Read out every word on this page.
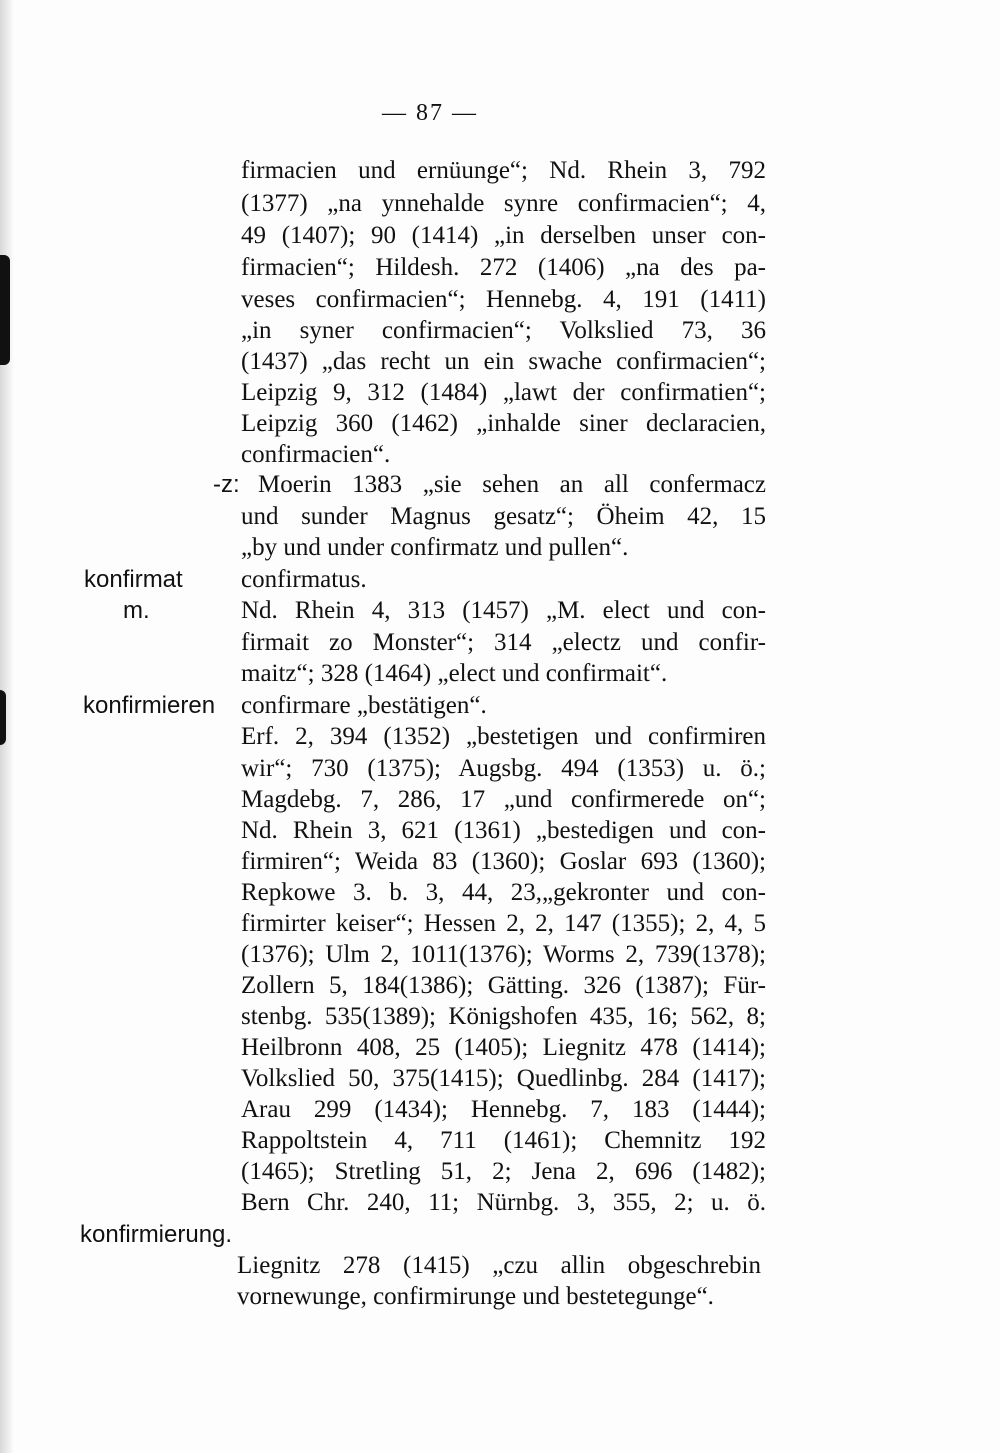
— 87 —
firmacien und ernüunge“; Nd. Rhein 3, 792
(1377) „na ynnehalde synre confirmacien“; 4,
49 (1407); 90 (1414) „in derselben unser con-
firmacien“; Hildesh. 272 (1406) „na des pa-
veses confirmacien“; Hennebg. 4, 191 (1411)
„in syner confirmacien“; Volkslied 73, 36
(1437) „das recht un ein swache confirmacien“;
Leipzig 9, 312 (1484) „lawt der confirmatien“;
Leipzig 360 (1462) „inhalde siner declaracien,
confirmacien“.
-z: Moerin 1383 „sie sehen an all confermacz
und sunder Magnus gesatz“; Öheim 42, 15
„by und under confirmatz und pullen“.
konfirmat confirmatus.
m.	Nd. Rhein 4, 313 (1457) „M. elect und con-
firmait zo Monster“; 314 „electz und confir-
maitz“; 328 (1464) „elect und confirmait“.
konfirmieren confirmare „bestätigen“.
Erf. 2, 394 (1352) „bestetigen und confirmiren
wir“; 730 (1375); Augsbg. 494 (1353) u. ö.;
Magdebg. 7, 286, 17 „und confirmerede on“;
Nd. Rhein 3, 621 (1361) „bestedigen und con-
firmiren“; Weida 83 (1360); Goslar 693 (1360);
Repkowe 3. b. 3, 44, 23,„gekronter und con-
firmirter keiser“; Hessen 2, 2, 147 (1355); 2, 4, 5
(1376); Ulm 2, 1011(1376); Worms 2, 739(1378);
Zollern 5, 184(1386); Gätting. 326 (1387); Für-
stenbg. 535(1389); Königshofen 435, 16; 562, 8;
Heilbronn 408, 25 (1405); Liegnitz 478 (1414);
Volkslied 50, 375(1415); Quedlinbg. 284 (1417);
Arau 299 (1434); Hennebg. 7, 183 (1444);
Rappoltstein 4, 711 (1461); Chemnitz 192
(1465); Stretling 51, 2; Jena 2, 696 (1482);
Bern Chr. 240, 11; Nürnbg. 3, 355, 2; u. ö.
konfirmierung.
Liegnitz 278 (1415) „czu allin obgeschrebin
vornewunge, confirmirunge und bestetegunge“.
